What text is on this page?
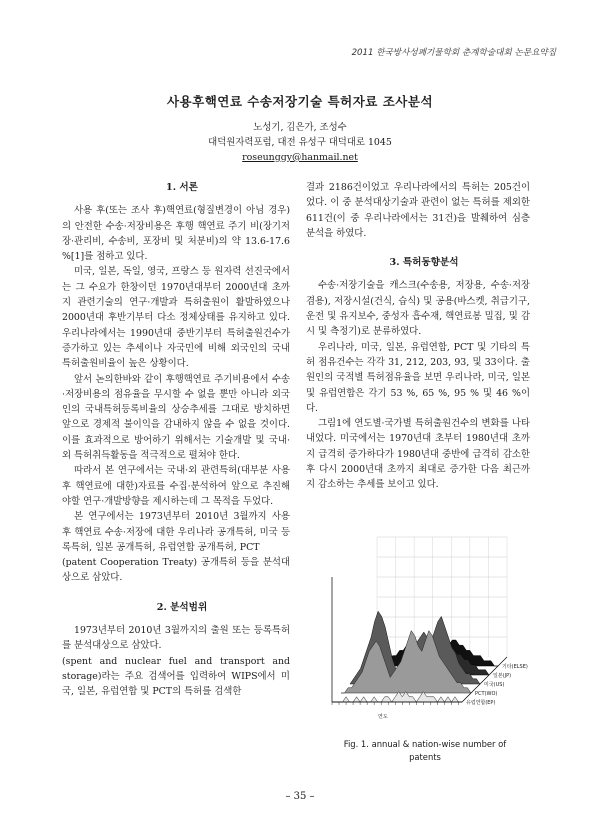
2011 한국방사성폐기물학회 춘계학술대회 논문요약집
사용후핵연료 수송저장기술 특허자료 조사분석
노성기, 김은가, 조성수
대덕원자력포럼, 대전 유성구 대덕대로 1045
roseunggy@hanmail.net

1. 서론

사용 후(또는 조사 후)핵연료(형질변경이 아님 경우)의 안전한 수송·저장비용은 후행 핵연료 주기 비(장기저장·관리비, 수송비, 포장비 및 처분비)의 약 13.6-17.6 %[1]를 점하고 있다.

미국, 일본, 독일, 영국, 프랑스 등 원자력 선진국에서는 그 수요가 한창이던 1970년대부터 2000년대 초까지 관련기술의 연구·개발과 특허출원이 활발하였으나 2000년대 후반기부터 다소 정체상태를 유지하고 있다. 우리나라에서는 1990년대 중반기부터 특허출원건수가 증가하고 있는 추세이나 자국민에 비해 외국인의 국내 특허출원비율이 높은 상황이다.

앞서 논의한바와 같이 후행핵연료 주기비용에서 수송·저장비용의 점유율을 무시할 수 없을 뿐만 아니라 외국인의 국내특허등록비율의 상승추세를 그대로 방치하면 앞으로 경제적 불이익을 감내하지 않을 수 없을 것이다. 이를 효과적으로 방어하기 위해서는 기술개발 및 국내·외 특허취득활동을 적극적으로 펼쳐야 한다.

따라서 본 연구에서는 국내·외 관련특허(대부분 사용 후 핵연료에 대한)자료를 수집·분석하여 앞으로 추진해야할 연구·개발방향을 제시하는데 그 목적을 두었다.

본 연구에서는 1973년부터 2010년 3월까지 사용 후 핵연료 수송·저장에 대한 우리나라 공개특허, 미국 등록특허, 일본 공개특허, 유럽연합 공개특허, PCT

(patent Cooperation Treaty) 공개특허 등을 분석대상으로 삼았다.

2. 분석범위

1973년부터 2010년 3월까지의 출원 또는 등록특허를 분석대상으로 삼았다.

(spent and nuclear fuel and transport and storage)라는 주요 검색어를 입력하여 WIPS에서 미국, 일본, 유럽연합 및 PCT의 특허를 검색한

결과 2186건이었고 우리나라에서의 특허는 205건이었다. 이 중 분석대상기술과 관련이 없는 특허를 제외한 611건(이 중 우리나라에서는 31건)을 발췌하여 심층 분석을 하였다.

3. 특허동향분석

수송·저장기술을 캐스크(수송용, 저장용, 수송·저장 겸용), 저장시설(건식, 습식) 및 공용(바스켓, 취급기구, 운전 및 유지보수, 중성자 흡수재, 핵연료봉 밀집, 및 감시 및 측정기)로 분류하였다.

우리나라, 미국, 일본, 유럽연합, PCT 및 기타의 특허 점유건수는 각각 31, 212, 203, 93, 및 33이다. 출원인의 국적별 특허점유율을 보면 우리나라, 미국, 일본 및 유럽연합은 각기 53 %, 65 %, 95 % 및 46 %이다.

그림1에 연도별·국가별 특허출원건수의 변화를 나타내었다. 미국에서는 1970년대 초부터 1980년대 초까지 급격히 증가하다가 1980년대 중반에 급격히 감소한 후 다시 2000년대 초까지 최대로 증가한 다음 최근까지 감소하는 추세를 보이고 있다.

기타(ELSE)
일본(JP)
미국(US)
PCT(WO)
유럽연합(EP)
연도
Fig. 1. annual & nation-wise number of
patents
– 35 –
